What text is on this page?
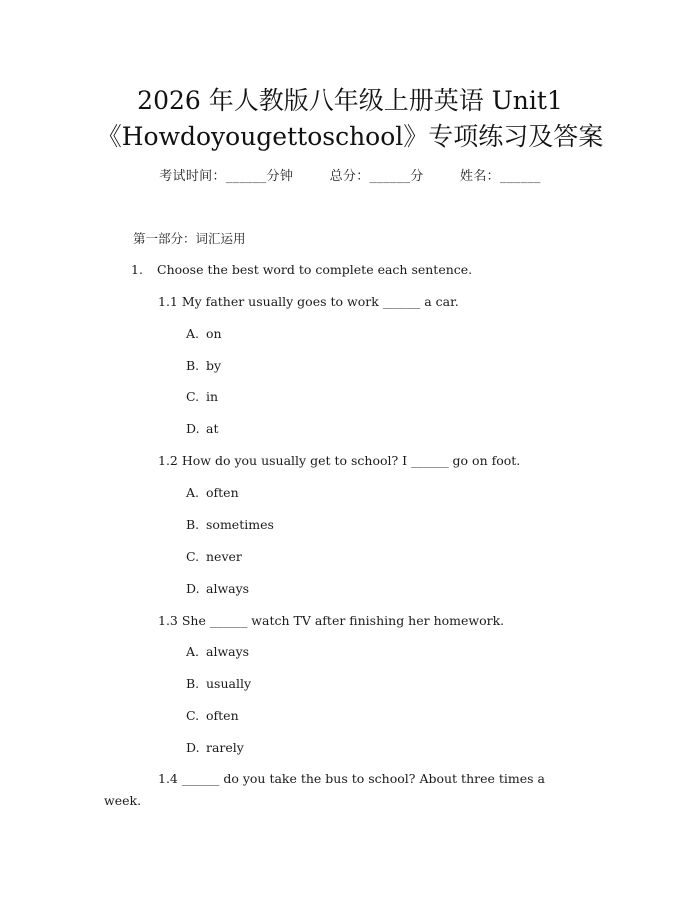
2026 年人教版八年级上册英语 Unit1
《Howdoyougettoschool》专项练习及答案
考试时间：______分钟	总分：______分	姓名：______
第一部分：词汇运用
1. Choose the best word to complete each sentence.
1.1 My father usually goes to work ______ a car.
A. on
B. by
C. in
D. at
1.2 How do you usually get to school? I ______ go on foot.
A. often
B. sometimes
C. never
D. always
1.3 She ______ watch TV after finishing her homework.
A. always
B. usually
C. often
D. rarely
1.4 ______ do you take the bus to school? About three times a week.
